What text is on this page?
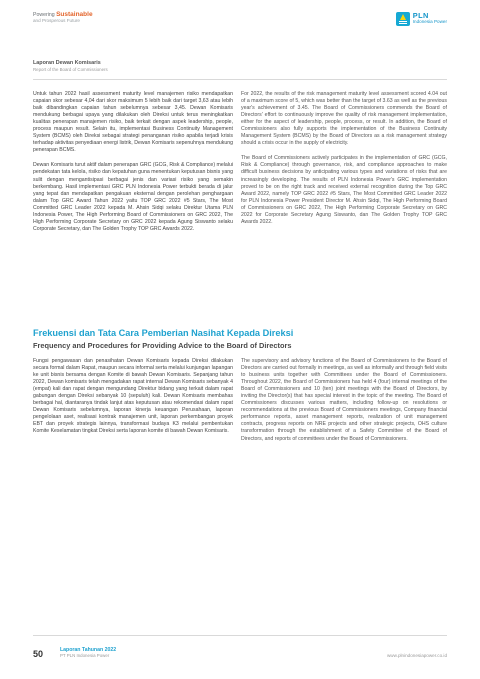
Powering Sustainable
and Prosperous Future
PLN
Indonesia Power
Laporan Dewan Komisaris
Report of the Board of Commissioners

Untuk tahun 2022 hasil assessment maturity level manajemen risiko mendapatkan capaian skor sebesar 4,04 dari skor maksimum 5 lebih baik dari target 3,63 atau lebih baik dibandingkan capaian tahun sebelumnya sebesar 3,45. Dewan Komisaris mendukung berbagai upaya yang dilakukan oleh Direksi untuk terus meningkatkan kualitas penerapan manajemen risiko, baik terkait dengan aspek leadership, people, process maupun result. Selain itu, implementasi Business Continuity Management System (BCMS) oleh Direksi sebagai strategi penanganan risiko apabila terjadi krisis terhadap aktivitas penyediaan energi listrik, Dewan Komisaris sepenuhnya mendukung penerapan BCMS.

Dewan Komisaris turut aktif dalam penerapan GRC (GCG, Risk & Compliance) melalui pendekatan tata kelola, risiko dan kepatuhan guna menentukan keputusan bisnis yang sulit dengan mengantisipasi berbagai jenis dan variasi risiko yang semakin berkembang. Hasil implementasi GRC PLN Indonesia Power terbukti berada di jalur yang tepat dan mendapatkan pengakuan eksternal dengan perolehan penghargaan dalam Top GRC Award Tahun 2022 yaitu TOP GRC 2022 #5 Stars, The Most Committed GRC Leader 2022 kepada M. Ahsin Sidqi selaku Direktur Utama PLN Indonesia Power, The High Performing Board of Commissioners on GRC 2022, The High Performing Corporate Secretary on GRC 2022 kepada Agung Siswanto selaku Corporate Secretary, dan The Golden Trophy TOP GRC Awards 2022.

For 2022, the results of the risk management maturity level assessment scored 4.04 out of a maximum score of 5, which was better than the target of 3.63 as well as the previous year's achievement of 3.45. The Board of Commissioners commends the Board of Directors' effort to continuously improve the quality of risk management implementation, either for the aspect of leadership, people, process, or result. In addition, the Board of Commissioners also fully supports the implementation of the Business Continuity Management System (BCMS) by the Board of Directors as a risk management strategy should a crisis occur in the supply of electricity.

The Board of Commissioners actively participates in the implementation of GRC (GCG, Risk & Compliance) through governance, risk, and compliance approaches to make difficult business decisions by anticipating various types and variations of risks that are increasingly developing. The results of PLN Indonesia Power's GRC implementation proved to be on the right track and received external recognition during the Top GRC Award 2022, namely TOP GRC 2022 #5 Stars, The Most Committed GRC Leader 2022 for PLN Indonesia Power President Director M. Ahsin Sidqi, The High Performing Board of Commissioners on GRC 2022, The High Performing Corporate Secretary on GRC 2022 for Corporate Secretary Agung Siswanto, dan The Golden Trophy TOP GRC Awards 2022.

Frekuensi dan Tata Cara Pemberian Nasihat Kepada Direksi
Frequency and Procedures for Providing Advice to the Board of Directors

Fungsi pengawasan dan penasihatan Dewan Komisaris kepada Direksi dilakukan secara formal dalam Rapat, maupun secara informal serta melalui kunjungan lapangan ke unit bisnis bersama dengan Komite di bawah Dewan Komisaris. Sepanjang tahun 2022, Dewan komisaris telah mengadakan rapat internal Dewan Komisaris sebanyak 4 (empat) kali dan rapat dengan mengundang Direktur bidang yang terkait dalam rapat gabungan dengan Direksi sebanyak 10 (sepuluh) kali. Dewan Komisaris membahas berbagai hal, diantaranya tindak lanjut atas keputusan atau rekomendasi dalam rapat Dewan Komisaris sebelumnya, laporan kinerja keuangan Perusahaan, laporan pengelolaan aset, realisasi kontrak manajemen unit, laporan perkembangan proyek EBT dan proyek strategis lainnya, transformasi budaya K3 melalui pembentukan Komite Keselamatan tingkat Direksi serta laporan komite di bawah Dewan Komisaris.

The supervisory and advisory functions of the Board of Commissioners to the Board of Directors are carried out formally in meetings, as well as informally and through field visits to business units together with Committees under the Board of Commissioners. Throughout 2022, the Board of Commissioners has held 4 (four) internal meetings of the Board of Commissioners and 10 (ten) joint meetings with the Board of Directors, by inviting the Director(s) that has special interest in the topic of the meeting. The Board of Commissioners discusses various matters, including follow-up on resolutions or recommendations at the previous Board of Commissioners meetings, Company financial performance reports, asset management reports, realization of unit management contracts, progress reports on NRE projects and other strategic projects, OHS culture transformation through the establishment of a Safety Committee of the Board of Directors, and reports of committees under the Board of Commissioners.

50	Laporan Tahunan 2022
PT PLN Indonesia Power	www.plnindonesiapower.co.id
